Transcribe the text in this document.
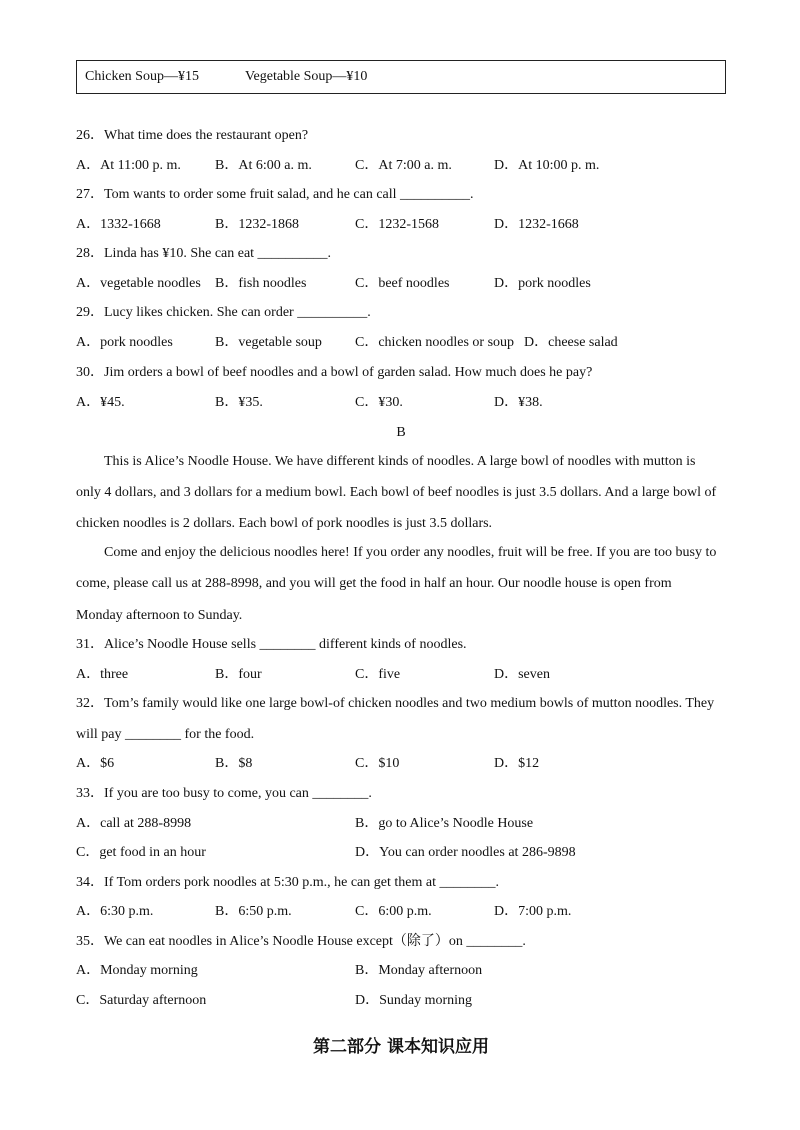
Chicken Soup—¥15	Vegetable Soup—¥10
26．What time does the restaurant open?
A．At 11:00 p. m. B．At 6:00 a. m.	C．At 7:00 a. m.	D．At 10:00 p. m.
27．Tom wants to order some fruit salad, and he can call __________.
A．1332-1668	B．1232-1868	C．1232-1568	D．1232-1668
28．Linda has ¥10. She can eat __________.
A．vegetable noodles B．fish noodles	C．beef noodles	D．pork noodles
29．Lucy likes chicken. She can order __________.
A．pork noodles	B．vegetable soup C．chicken noodles or soup D．cheese salad
30．Jim orders a bowl of beef noodles and a bowl of garden salad. How much does he pay?
A．¥45.	B．¥35.	C．¥30.	D．¥38.
B
This is Alice’s Noodle House. We have different kinds of noodles. A large bowl of noodles with mutton is
only 4 dollars, and 3 dollars for a medium bowl. Each bowl of beef noodles is just 3.5 dollars. And a large bowl of
chicken noodles is 2 dollars. Each bowl of pork noodles is just 3.5 dollars.
Come and enjoy the delicious noodles here! If you order any noodles, fruit will be free. If you are too busy to
come, please call us at 288-8998, and you will get the food in half an hour. Our noodle house is open from
Monday afternoon to Sunday.
31．Alice’s Noodle House sells ________ different kinds of noodles.
A．three	B．four	C．five	D．seven
32．Tom’s family would like one large bowl-of chicken noodles and two medium bowls of mutton noodles. They
will pay ________ for the food.
A．$6	B．$8	C．$10	D．$12
33．If you are too busy to come, you can ________.
A．call at 288-8998	B．go to Alice’s Noodle House
C．get food in an hour	D．You can order noodles at 286-9898
34．If Tom orders pork noodles at 5:30 p.m., he can get them at ________.
A．6:30 p.m.	B．6:50 p.m.	C．6:00 p.m.	D．7:00 p.m.
35．We can eat noodles in Alice’s Noodle House except（除了）on ________.
A．Monday morning	B．Monday afternoon
C．Saturday afternoon	D．Sunday morning
第二部分 课本知识应用
